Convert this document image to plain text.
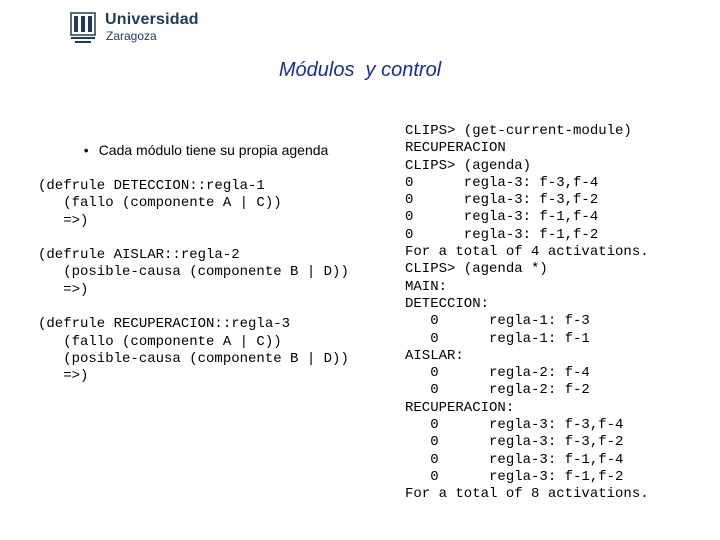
Universidad
Zaragoza
Módulos  y control

• Cada módulo tiene su propia agenda

(defrule DETECCION::regla-1
(fallo (componente A | C))
=>)
(defrule AISLAR::regla-2
(posible-causa (componente B | D))
=>)
(defrule RECUPERACION::regla-3
(fallo (componente A | C))
(posible-causa (componente B | D))
=>)
CLIPS> (get-current-module)
RECUPERACION
CLIPS> (agenda)
0      regla-3: f-3,f-4
0      regla-3: f-3,f-2
0      regla-3: f-1,f-4
0      regla-3: f-1,f-2
For a total of 4 activations.
CLIPS> (agenda *)
MAIN:
DETECCION:
0      regla-1: f-3
0      regla-1: f-1
AISLAR:
0      regla-2: f-4
0      regla-2: f-2
RECUPERACION:
0      regla-3: f-3,f-4
0      regla-3: f-3,f-2
0      regla-3: f-1,f-4
0      regla-3: f-1,f-2
For a total of 8 activations.
